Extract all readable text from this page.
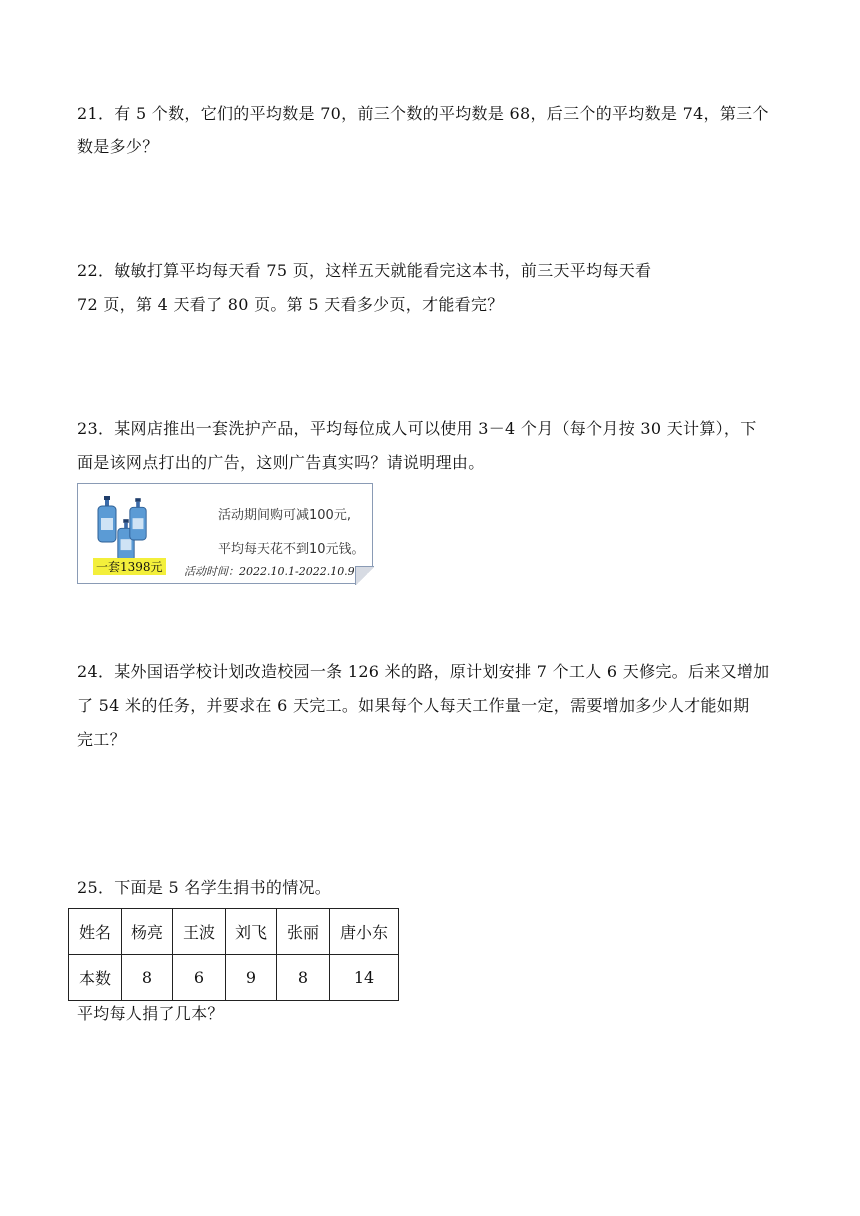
21．有 5 个数，它们的平均数是 70，前三个数的平均数是 68，后三个的平均数是 74，第三个
数是多少？
22．敏敏打算平均每天看 75 页，这样五天就能看完这本书，前三天平均每天看
72 页，第 4 天看了 80 页。第 5 天看多少页，才能看完？
23．某网店推出一套洗护产品，平均每位成人可以使用 3－4 个月（每个月按 30 天计算），下
面是该网点打出的广告，这则广告真实吗？请说明理由。
活动期间购可减100元,
平均每天花不到10元钱。
一套1398元 活动时间：2022.10.1-2022.10.9
24．某外国语学校计划改造校园一条 126 米的路，原计划安排 7 个工人 6 天修完。后来又增加
了 54 米的任务，并要求在 6 天完工。如果每个人每天工作量一定，需要增加多少人才能如期
完工？
25．下面是 5 名学生捐书的情况。
姓名	杨亮	王波	刘飞	张丽	唐小东
本数	8	6	9	8	14
平均每人捐了几本？
